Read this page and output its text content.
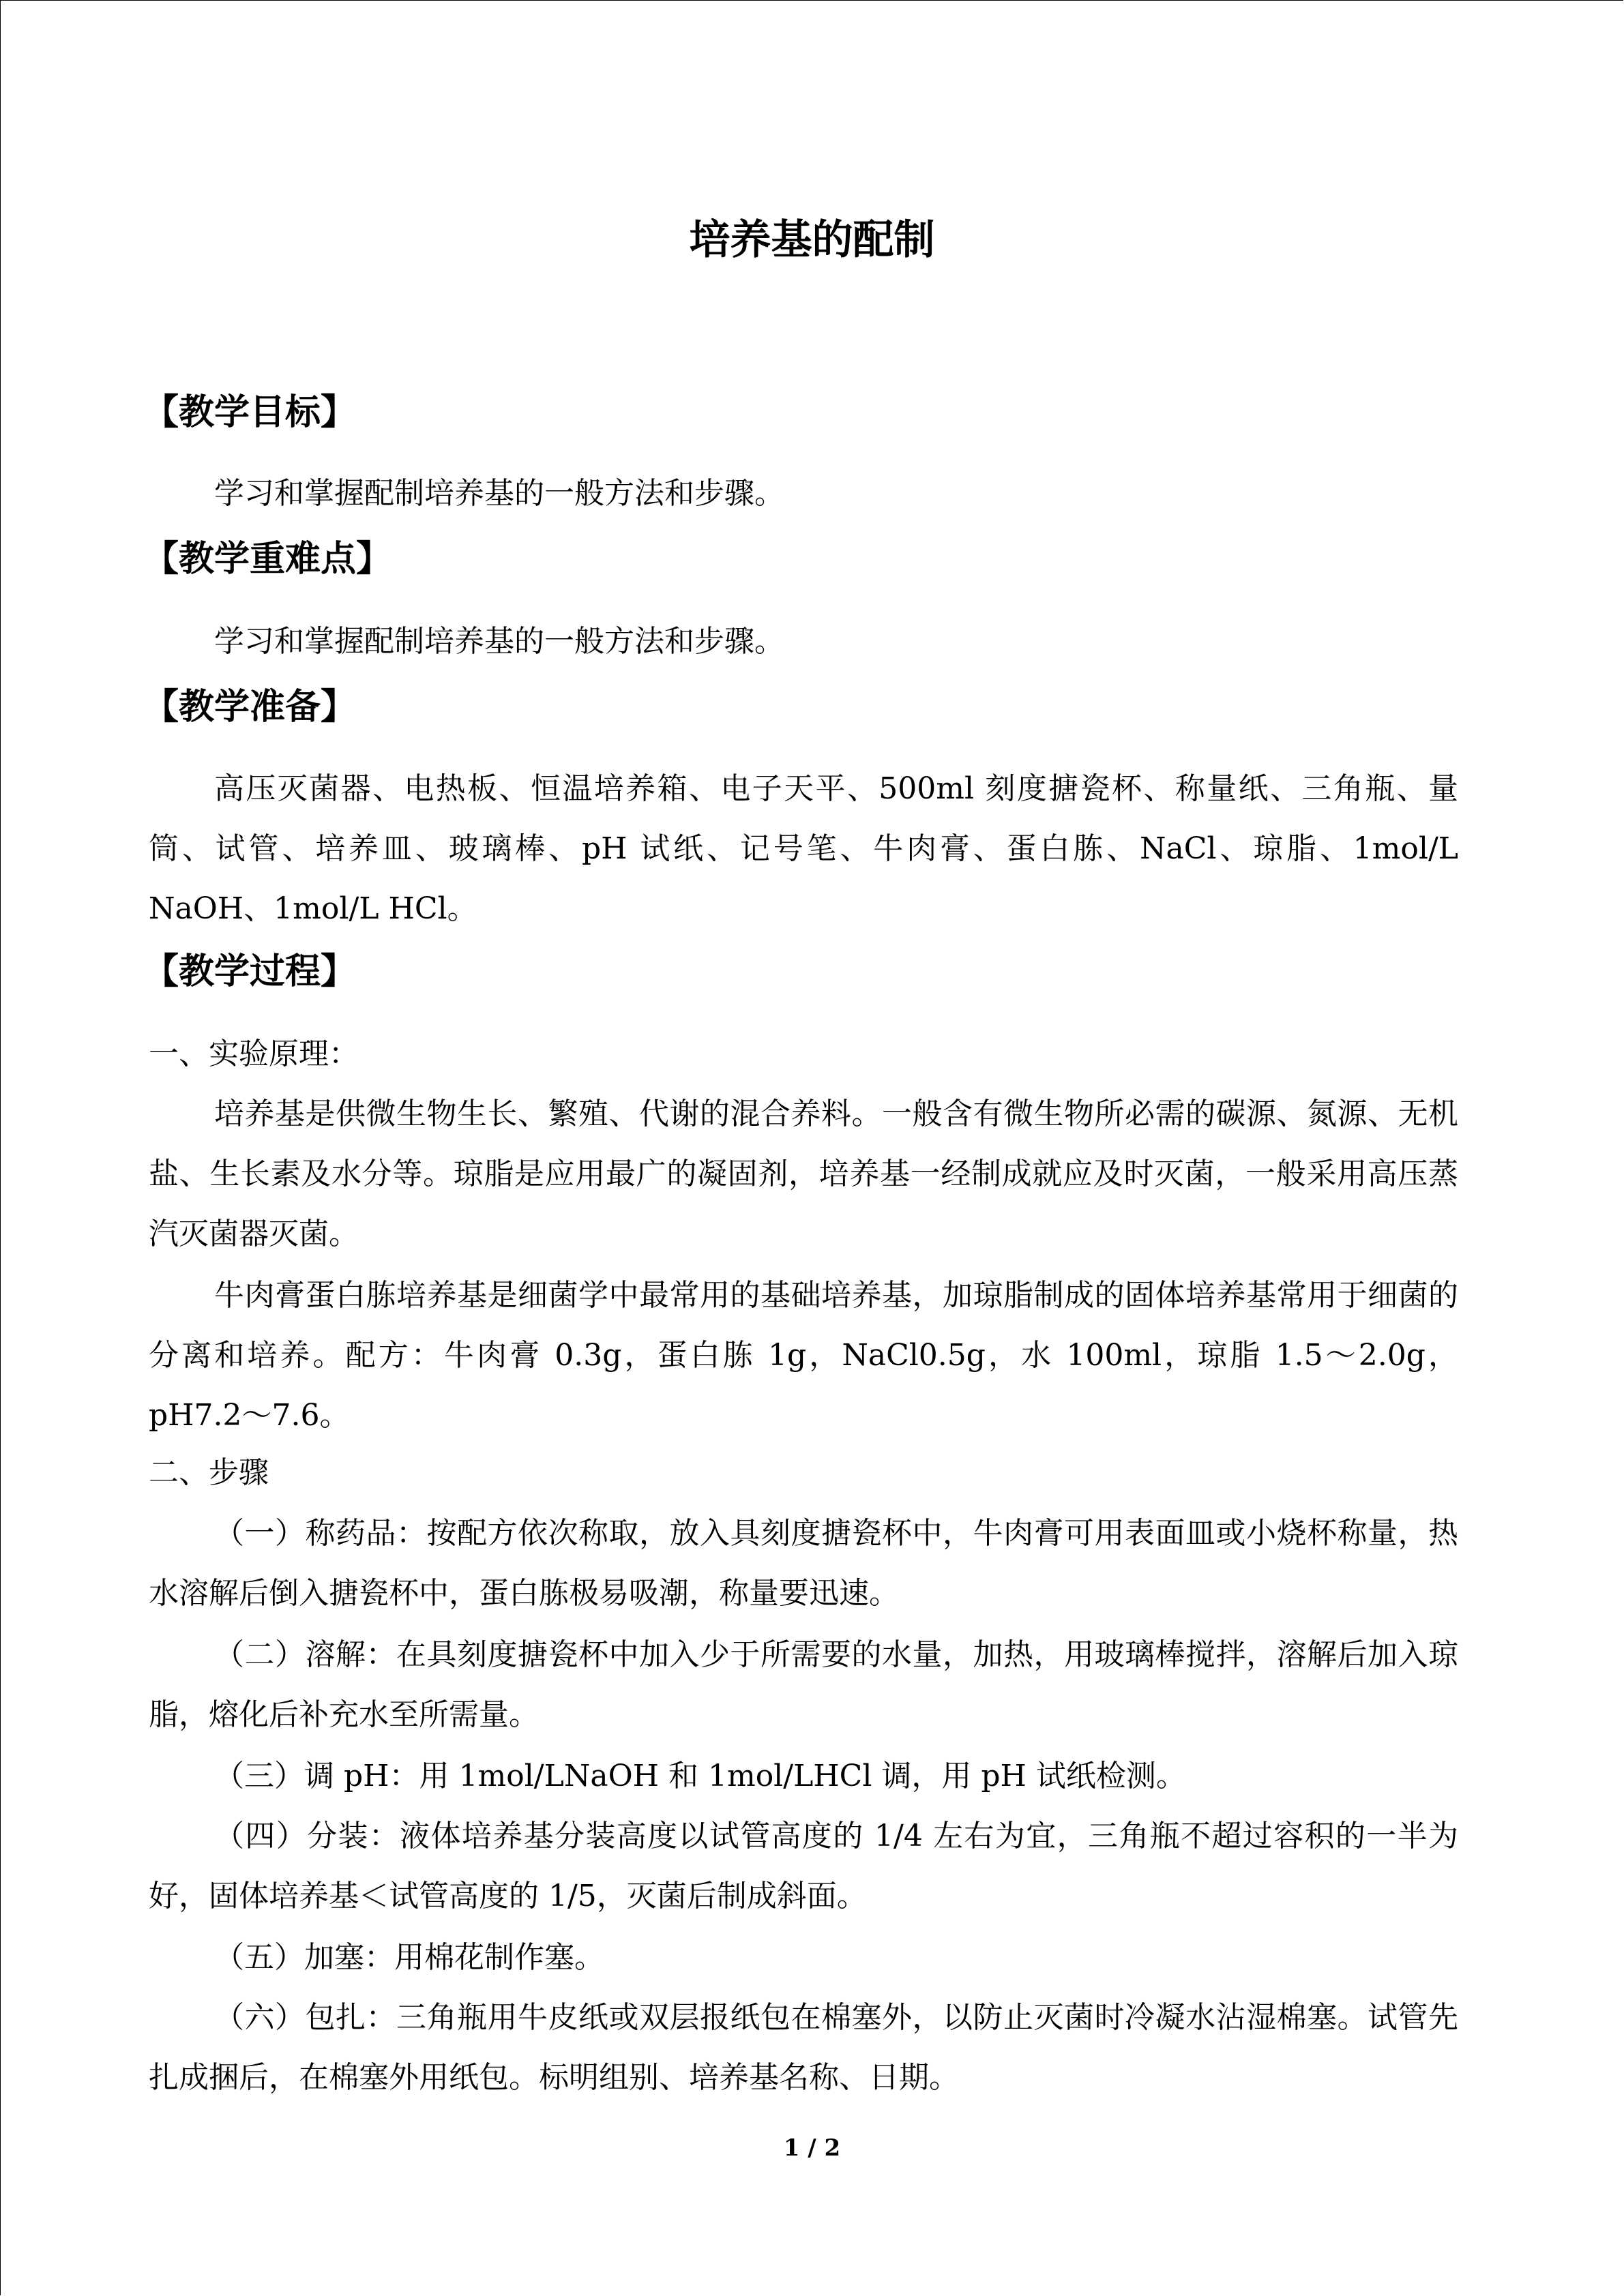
培养基的配制
【教学目标】

学习和掌握配制培养基的一般方法和步骤。

【教学重难点】

学习和掌握配制培养基的一般方法和步骤。

【教学准备】

高压灭菌器、电热板、恒温培养箱、电子天平、500ml 刻度搪瓷杯、称量纸、三角瓶、量筒、试管、培养皿、玻璃棒、pH 试纸、记号笔、牛肉膏、蛋白胨、NaCl、琼脂、1mol/L NaOH、1mol/L HCl。

【教学过程】
一、实验原理：

培养基是供微生物生长、繁殖、代谢的混合养料。一般含有微生物所必需的碳源、氮源、无机盐、生长素及水分等。琼脂是应用最广的凝固剂，培养基一经制成就应及时灭菌，一般采用高压蒸汽灭菌器灭菌。

牛肉膏蛋白胨培养基是细菌学中最常用的基础培养基，加琼脂制成的固体培养基常用于细菌的分离和培养。配方：牛肉膏 0.3g，蛋白胨 1g，NaCl0.5g，水 100ml，琼脂 1.5～2.0g，pH7.2～7.6。

二、步骤

（一）称药品：按配方依次称取，放入具刻度搪瓷杯中，牛肉膏可用表面皿或小烧杯称量，热水溶解后倒入搪瓷杯中，蛋白胨极易吸潮，称量要迅速。

（二）溶解：在具刻度搪瓷杯中加入少于所需要的水量，加热，用玻璃棒搅拌，溶解后加入琼脂，熔化后补充水至所需量。

（三）调 pH：用 1mol/LNaOH 和 1mol/LHCl 调，用 pH 试纸检测。

（四）分装：液体培养基分装高度以试管高度的 1/4 左右为宜，三角瓶不超过容积的一半为好，固体培养基＜试管高度的 1/5，灭菌后制成斜面。

（五）加塞：用棉花制作塞。

（六）包扎：三角瓶用牛皮纸或双层报纸包在棉塞外，以防止灭菌时冷凝水沾湿棉塞。试管先扎成捆后，在棉塞外用纸包。标明组别、培养基名称、日期。

1 / 2
